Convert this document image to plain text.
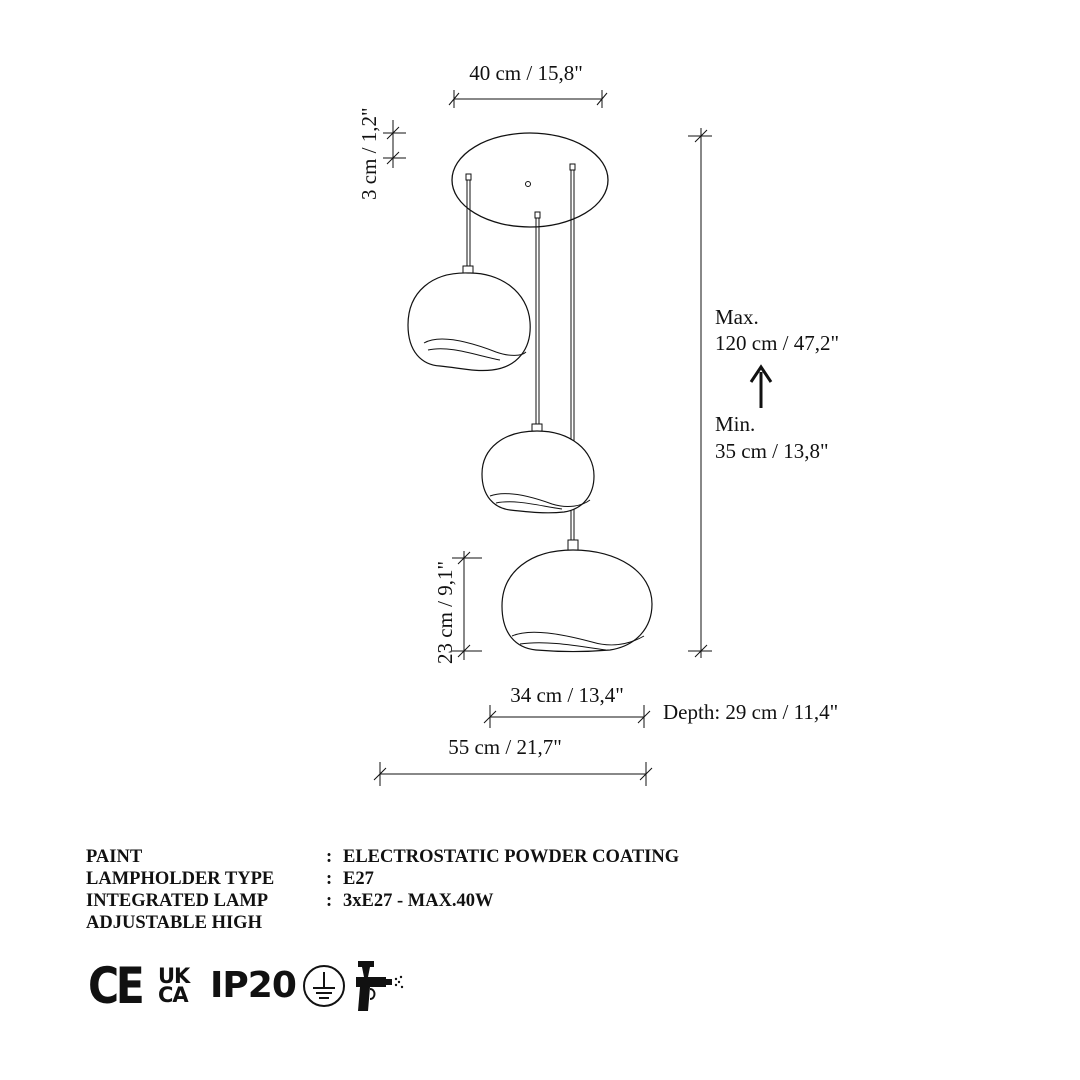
40 cm / 15,8"
3 cm / 1,2"
Max.
120 cm / 47,2"
Min.
35 cm / 13,8"
23 cm / 9,1"
34 cm / 13,4"
Depth: 29 cm / 11,4"
55 cm / 21,7"
PAINT	: ELECTROSTATIC POWDER COATING
LAMPHOLDER TYPE	: E27
INTEGRATED LAMP	: 3xE27 - MAX.40W
ADJUSTABLE HIGH
CE UK
CA IP20
